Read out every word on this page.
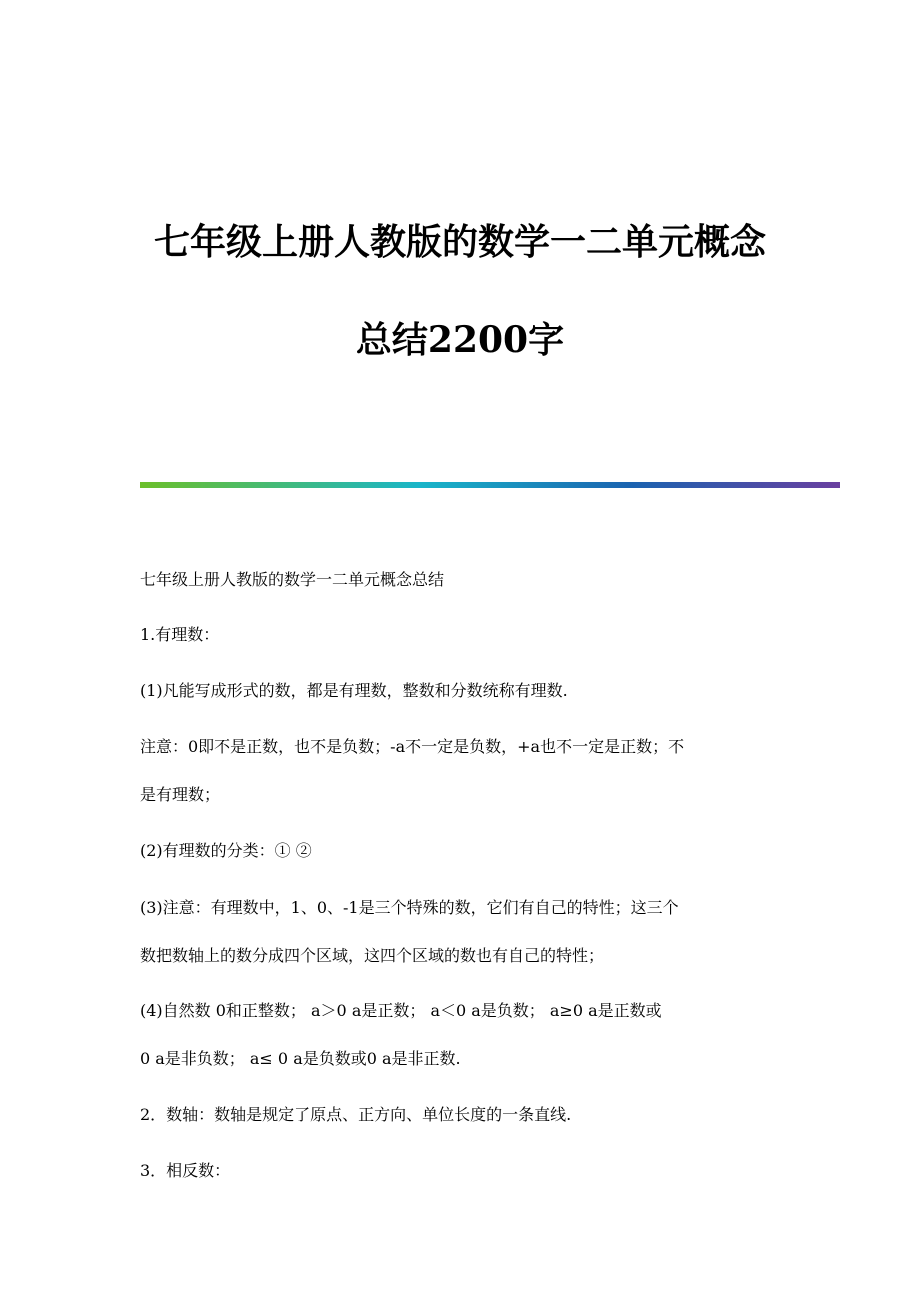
七年级上册人教版的数学一二单元概念
总结2200字

七年级上册人教版的数学一二单元概念总结

1.有理数：

(1)凡能写成形式的数，都是有理数，整数和分数统称有理数.

注意：0即不是正数，也不是负数；-a不一定是负数，+a也不一定是正数；不

是有理数；

(2)有理数的分类：① ②

(3)注意：有理数中，1、0、-1是三个特殊的数，它们有自己的特性；这三个

数把数轴上的数分成四个区域，这四个区域的数也有自己的特性；

(4)自然数 0和正整数； a＞0 a是正数； a＜0 a是负数； a≥0 a是正数或

0 a是非负数； a≤ 0 a是负数或0 a是非正数.

2．数轴：数轴是规定了原点、正方向、单位长度的一条直线.

3．相反数：
